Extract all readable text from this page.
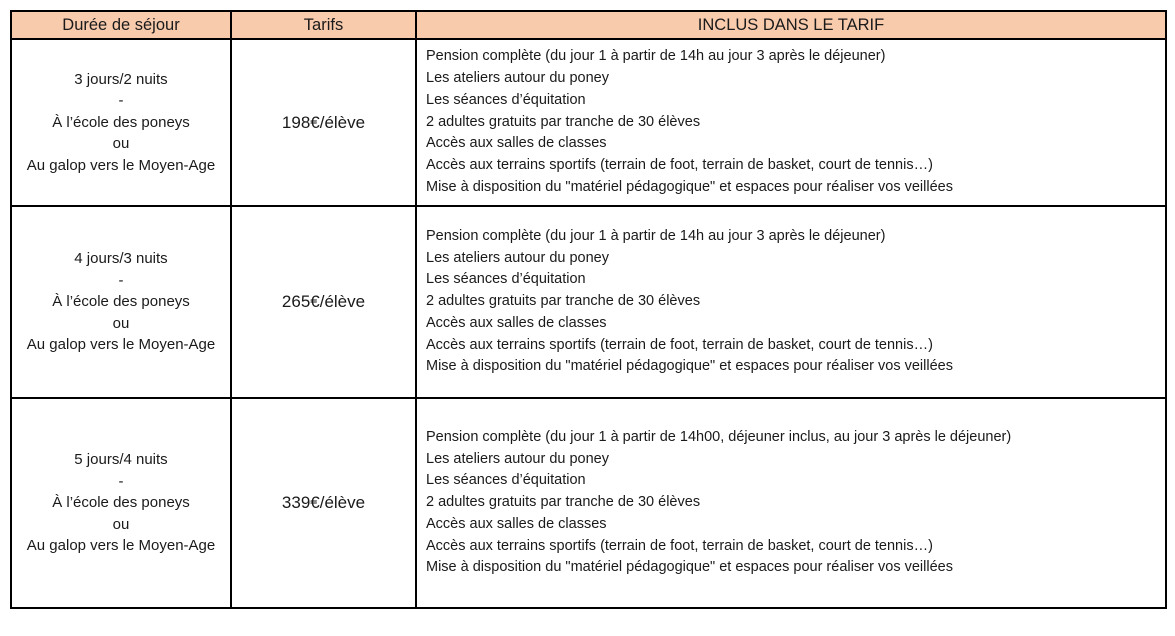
Durée de séjour	Tarifs	INCLUS DANS LE TARIF

3 jours/2 nuits
-
À l’école des poneys
ou
Au galop vers le Moyen-Age
	198€/élève	
Pension complète (du jour 1 à partir de 14h au jour 3 après le déjeuner)
Les ateliers autour du poney
Les séances d’équitation
2 adultes gratuits par tranche de 30 élèves
Accès aux salles de classes
Accès aux terrains sportifs (terrain de foot, terrain de basket, court de tennis…)
Mise à disposition du "matériel pédagogique" et espaces pour réaliser vos veillées

4 jours/3 nuits
-
À l’école des poneys
ou
Au galop vers le Moyen-Age
	265€/élève	
Pension complète (du jour 1 à partir de 14h au jour 3 après le déjeuner)
Les ateliers autour du poney
Les séances d’équitation
2 adultes gratuits par tranche de 30 élèves
Accès aux salles de classes
Accès aux terrains sportifs (terrain de foot, terrain de basket, court de tennis…)
Mise à disposition du "matériel pédagogique" et espaces pour réaliser vos veillées

5 jours/4 nuits
-
À l’école des poneys
ou
Au galop vers le Moyen-Age
	339€/élève	
Pension complète (du jour 1 à partir de 14h00, déjeuner inclus, au jour 3 après le déjeuner)
Les ateliers autour du poney
Les séances d’équitation
2 adultes gratuits par tranche de 30 élèves
Accès aux salles de classes
Accès aux terrains sportifs (terrain de foot, terrain de basket, court de tennis…)
Mise à disposition du "matériel pédagogique" et espaces pour réaliser vos veillées
